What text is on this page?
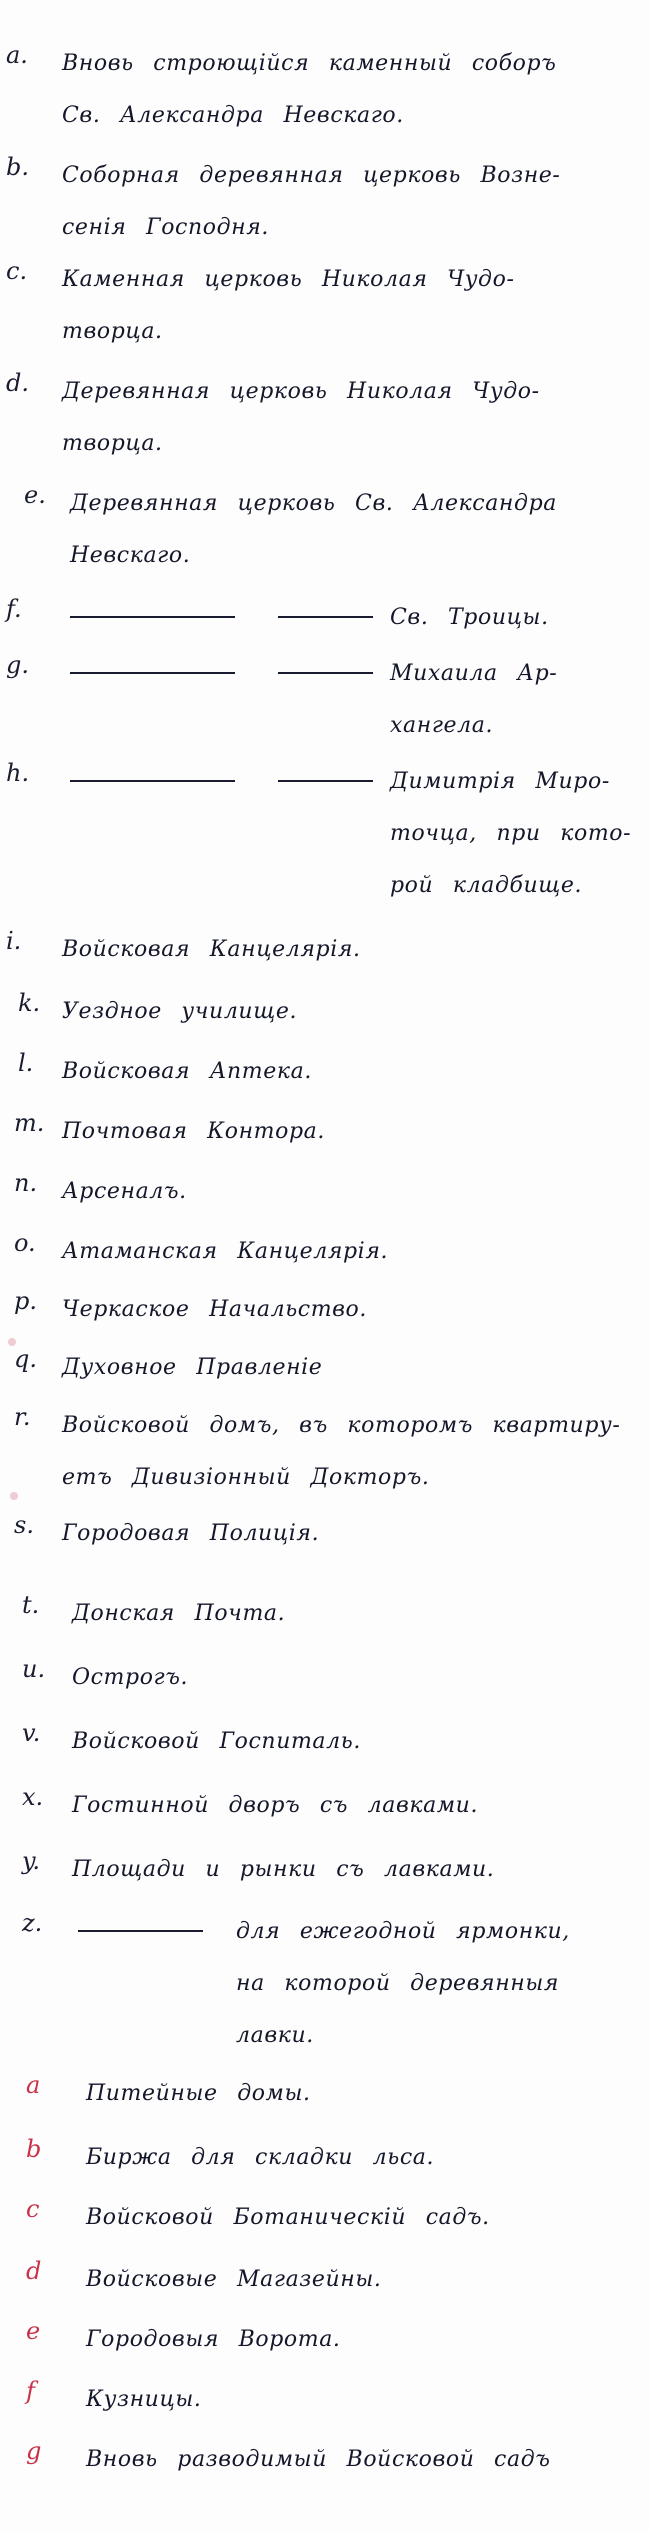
a. Вновь строющійся каменный соборъ
Св. Александра Невскаго.
b. Соборная деревянная церковь Возне-
сенія Господня.
c. Каменная церковь Николая Чудо-
творца.
d. Деревянная церковь Николая Чудо-
творца.
e.	Деревянная церковь Св. Александра
Невскаго.
f.	Св. Троицы.
g.	Михаила Ар-
хангела.
h.	Димитрія Миро-
точца, при кото-
рой кладбище.
i. Войсковая Канцелярія.
k. Уездное училище.
l. Войсковая Аптека.
m. Почтовая Контора.
n. Арсеналъ.
o. Атаманская Канцелярія.
p. Черкаское Начальство.
q. Духовное Правленіе
r. Войсковой домъ, въ которомъ квартиру-
етъ Дивизіонный Докторъ.
s. Городовая Полиція.
t. Донская Почта.
u. Острогъ.
v. Войсковой Госпиталь.
x. Гостинной дворъ съ лавками.
y. Площади и рынки съ лавками.
z.	для ежегодной ярмонки,
на которой деревянныя
лавки.
a Питейные домы.
b Биржа для складки льса.
c Войсковой Ботаническій садъ.
d Войсковые Магазейны.
e Городовыя Ворота.
f Кузницы.
g Вновь разводимый Войсковой садъ
